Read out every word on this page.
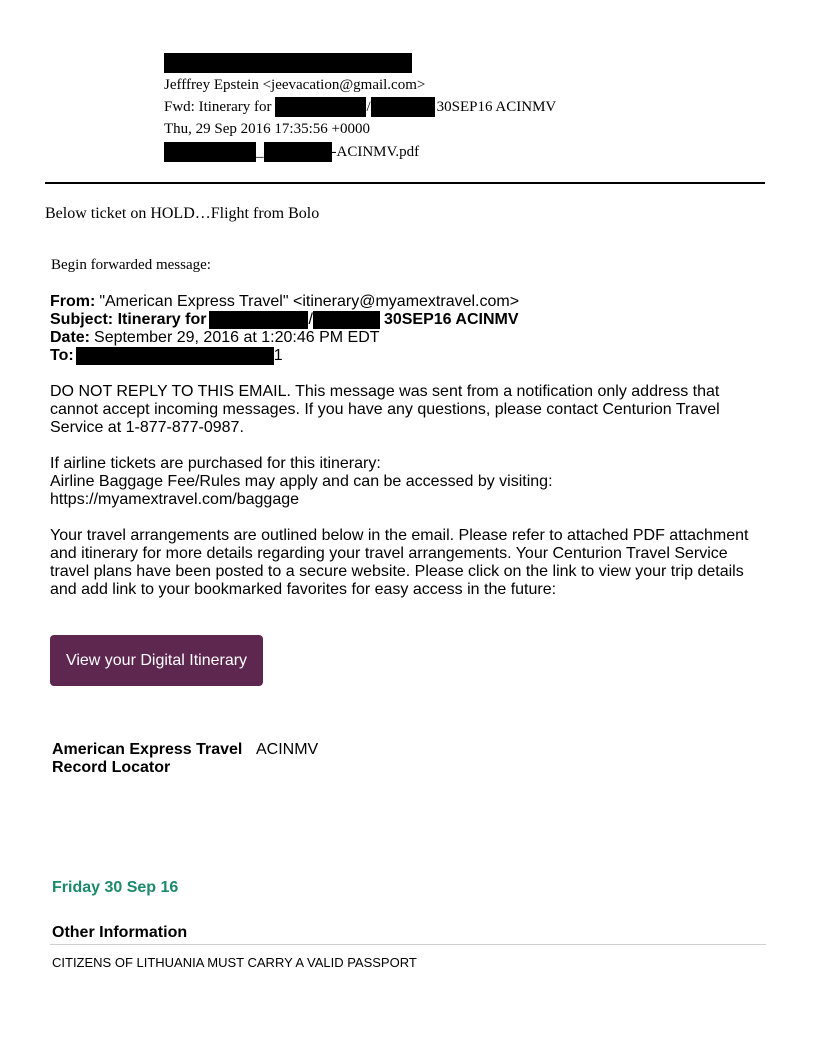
Jefffrey Epstein <jeevacation@gmail.com>
Fwd: Itinerary for	/	30SEP16 ACINMV
Thu, 29 Sep 2016 17:35:56 +0000
_	-ACINMV.pdf
Below ticket on HOLD…Flight from Bolo
Begin forwarded message:
From: "American Express Travel" <itinerary@myamextravel.com>
Subject: Itinerary for	/	30SEP16 ACINMV
Date: September 29, 2016 at 1:20:46 PM EDT
To:	1
DO NOT REPLY TO THIS EMAIL. This message was sent from a notification only address that cannot accept incoming messages. If you have any questions, please contact Centurion Travel Service at 1-877-877-0987.
If airline tickets are purchased for this itinerary:
Airline Baggage Fee/Rules may apply and can be accessed by visiting:
https://myamextravel.com/baggage
Your travel arrangements are outlined below in the email. Please refer to attached PDF attachment and itinerary for more details regarding your travel arrangements. Your Centurion Travel Service travel plans have been posted to a secure website. Please click on the link to view your trip details and add link to your bookmarked favorites for easy access in the future:
View your Digital Itinerary
American Express Travel
Record Locator
ACINMV
Friday 30 Sep 16
Other Information
CITIZENS OF LITHUANIA MUST CARRY A VALID PASSPORT
